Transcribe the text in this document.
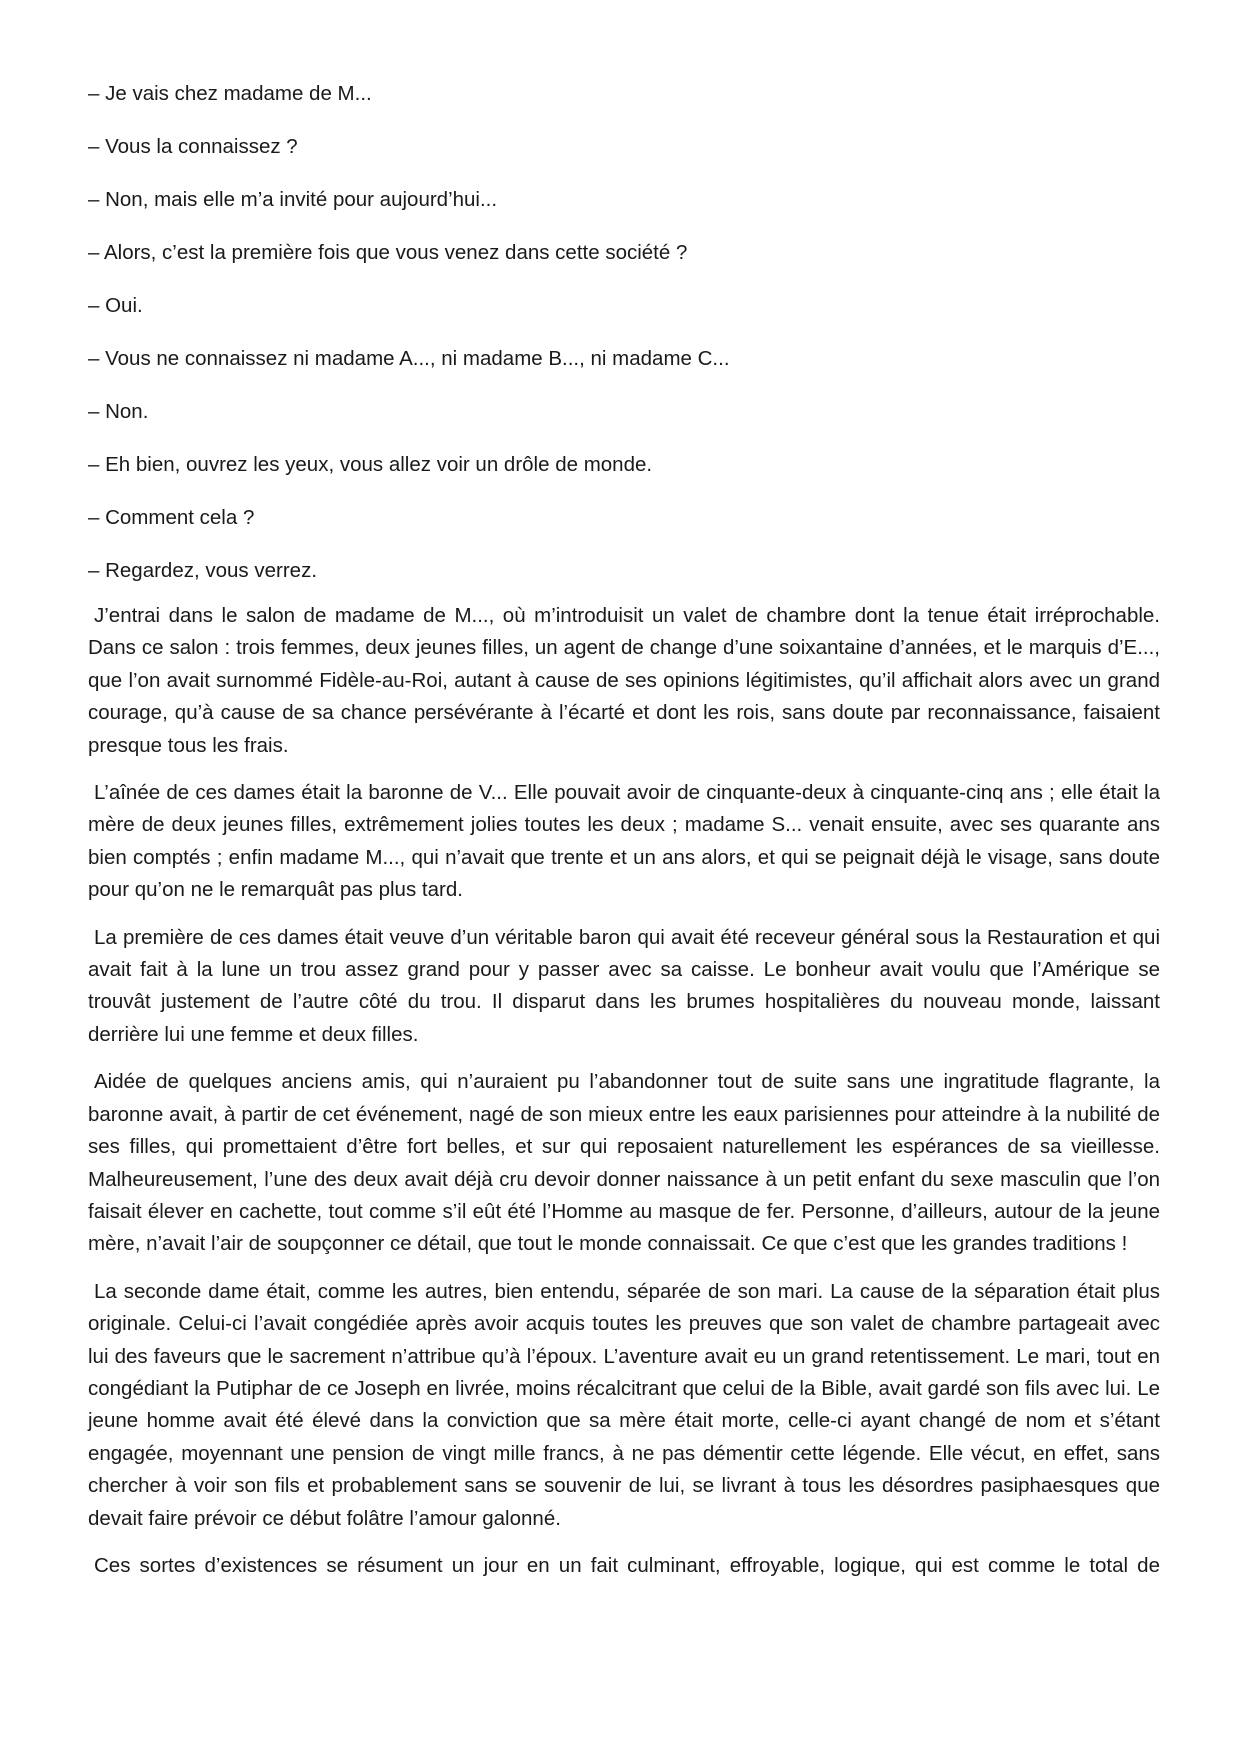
– Je vais chez madame de M...

– Vous la connaissez ?

– Non, mais elle m’a invité pour aujourd’hui...

– Alors, c’est la première fois que vous venez dans cette société ?

– Oui.

– Vous ne connaissez ni madame A..., ni madame B..., ni madame C...

– Non.

– Eh bien, ouvrez les yeux, vous allez voir un drôle de monde.

– Comment cela ?

– Regardez, vous verrez.

J’entrai dans le salon de madame de M..., où m’introduisit un valet de chambre dont la tenue était irréprochable. Dans ce salon : trois femmes, deux jeunes filles, un agent de change d’une soixantaine d’années, et le marquis d’E..., que l’on avait surnommé Fidèle-au-Roi, autant à cause de ses opinions légitimistes, qu’il affichait alors avec un grand courage, qu’à cause de sa chance persévérante à l’écarté et dont les rois, sans doute par reconnaissance, faisaient presque tous les frais.

L’aînée de ces dames était la baronne de V... Elle pouvait avoir de cinquante-deux à cinquante-cinq ans ; elle était la mère de deux jeunes filles, extrêmement jolies toutes les deux ; madame S... venait ensuite, avec ses quarante ans bien comptés ; enfin madame M..., qui n’avait que trente et un ans alors, et qui se peignait déjà le visage, sans doute pour qu’on ne le remarquât pas plus tard.

La première de ces dames était veuve d’un véritable baron qui avait été receveur général sous la Restauration et qui avait fait à la lune un trou assez grand pour y passer avec sa caisse. Le bonheur avait voulu que l’Amérique se trouvât justement de l’autre côté du trou. Il disparut dans les brumes hospitalières du nouveau monde, laissant derrière lui une femme et deux filles.

Aidée de quelques anciens amis, qui n’auraient pu l’abandonner tout de suite sans une ingratitude flagrante, la baronne avait, à partir de cet événement, nagé de son mieux entre les eaux parisiennes pour atteindre à la nubilité de ses filles, qui promettaient d’être fort belles, et sur qui reposaient naturellement les espérances de sa vieillesse. Malheureusement, l’une des deux avait déjà cru devoir donner naissance à un petit enfant du sexe masculin que l’on faisait élever en cachette, tout comme s’il eût été l’Homme au masque de fer. Personne, d’ailleurs, autour de la jeune mère, n’avait l’air de soupçonner ce détail, que tout le monde connaissait. Ce que c’est que les grandes traditions !

La seconde dame était, comme les autres, bien entendu, séparée de son mari. La cause de la séparation était plus originale. Celui-ci l’avait congédiée après avoir acquis toutes les preuves que son valet de chambre partageait avec lui des faveurs que le sacrement n’attribue qu’à l’époux. L’aventure avait eu un grand retentissement. Le mari, tout en congédiant la Putiphar de ce Joseph en livrée, moins récalcitrant que celui de la Bible, avait gardé son fils avec lui. Le jeune homme avait été élevé dans la conviction que sa mère était morte, celle-ci ayant changé de nom et s’étant engagée, moyennant une pension de vingt mille francs, à ne pas démentir cette légende. Elle vécut, en effet, sans chercher à voir son fils et probablement sans se souvenir de lui, se livrant à tous les désordres pasiphaesques que devait faire prévoir ce début folâtre l’amour galonné.

Ces sortes d’existences se résument un jour en un fait culminant, effroyable, logique, qui est comme le total de
